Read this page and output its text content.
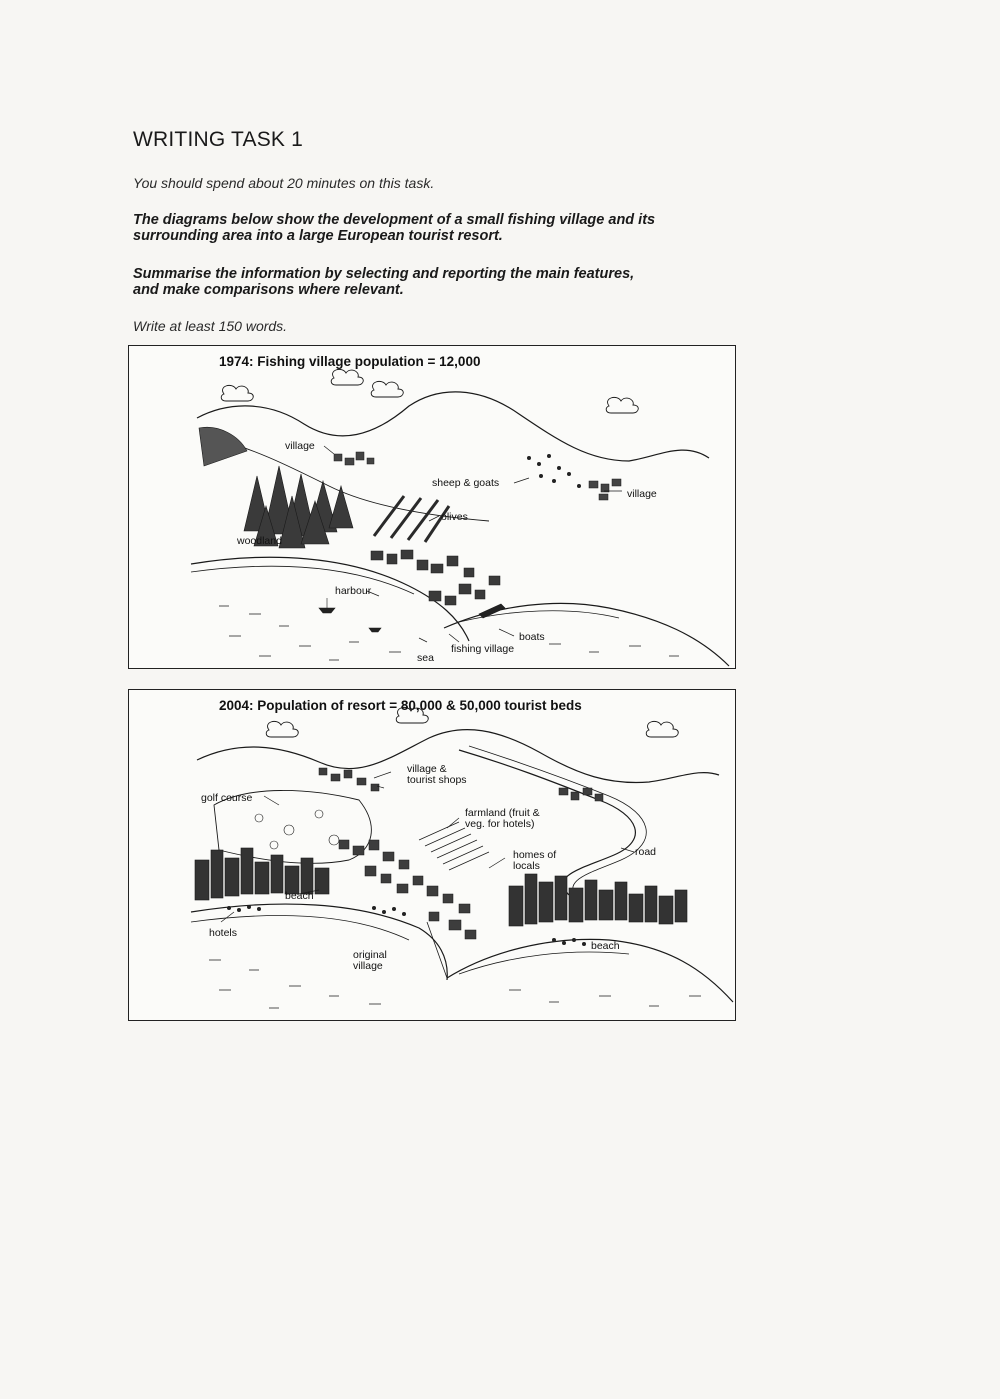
WRITING TASK 1
You should spend about 20 minutes on this task.
The diagrams below show the development of a small fishing village and its
surrounding area into a large European tourist resort.
Summarise the information by selecting and reporting the main features,
and make comparisons where relevant.
Write at least 150 words.
1974: Fishing village population = 12,000
village
sheep & goats
village
olives
woodland
harbour
boats
fishing village
sea
2004: Population of resort = 80,000 & 50,000 tourist beds
village &
tourist shops
golf course
farmland (fruit &
veg. for hotels)
homes of
locals
road
beach
beach
hotels
original
village
